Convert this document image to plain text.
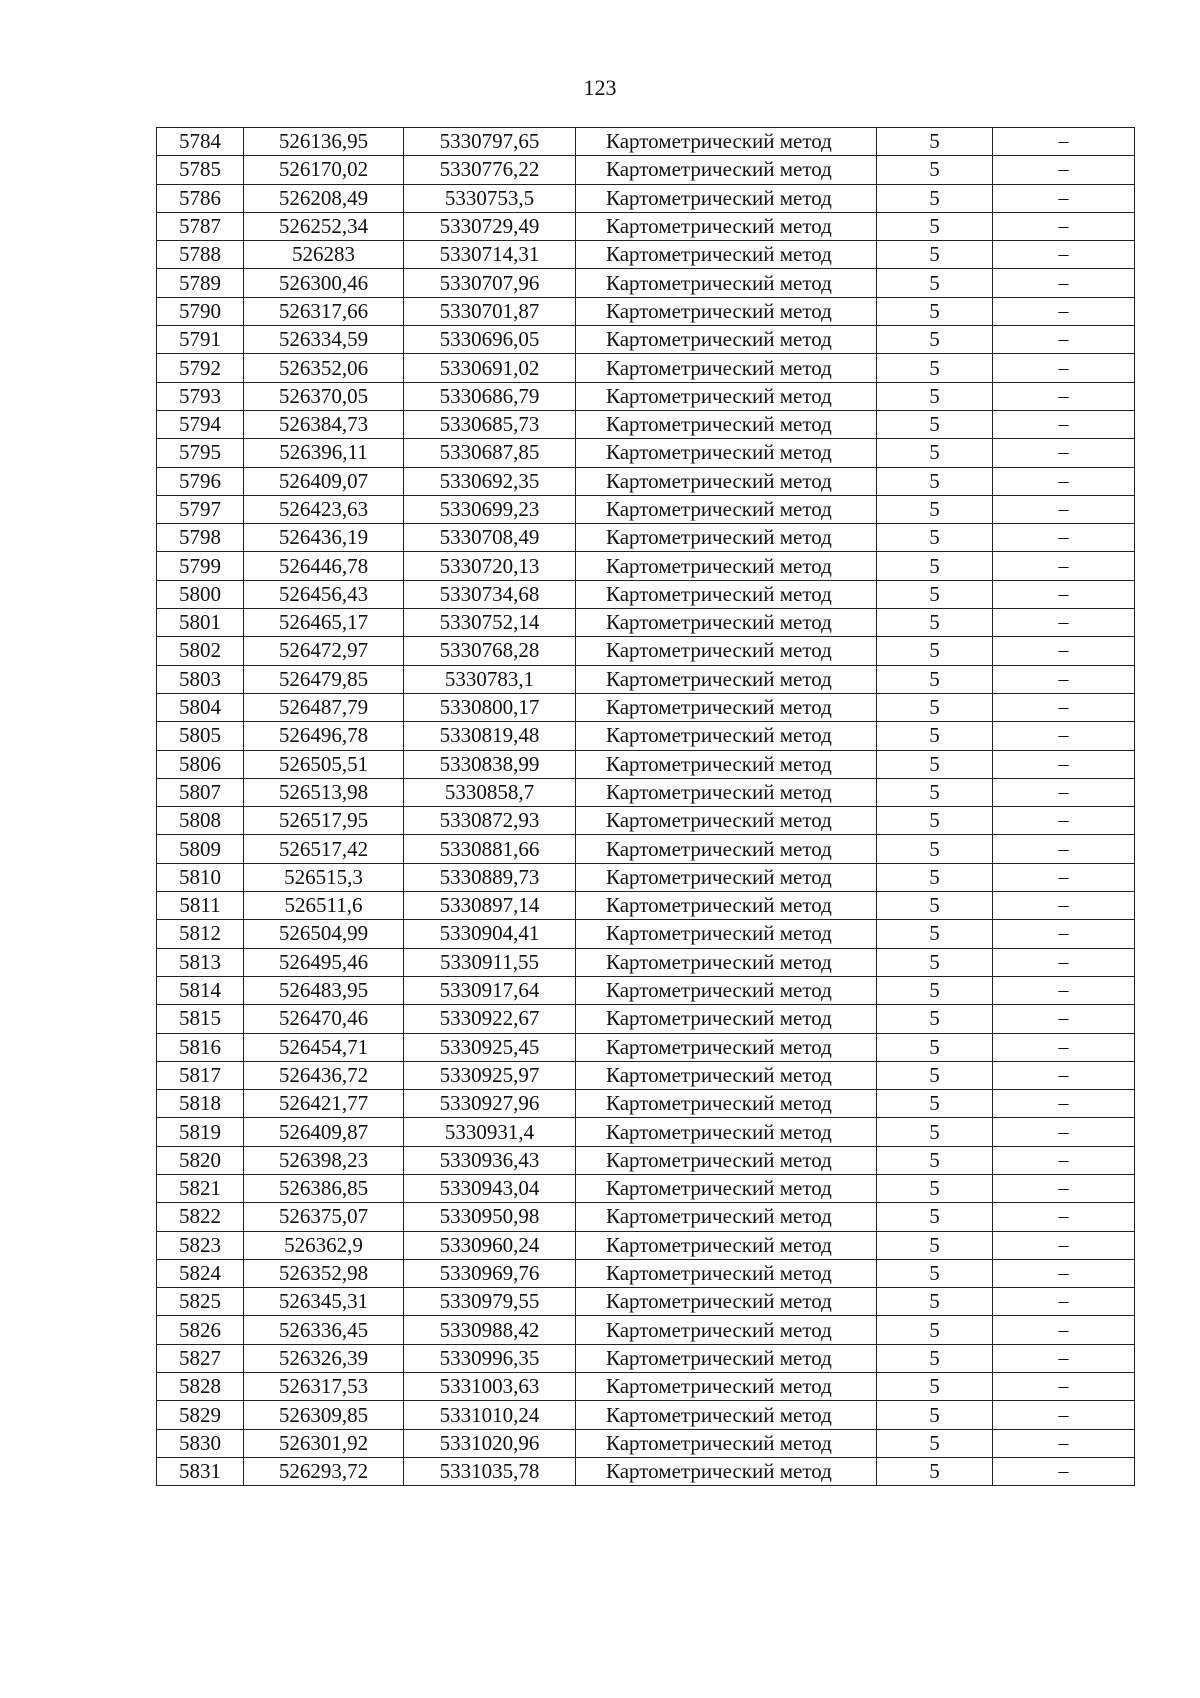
123
5784	526136,95	5330797,65	Картометрический метод	5	–
5785	526170,02	5330776,22	Картометрический метод	5	–
5786	526208,49	5330753,5	Картометрический метод	5	–
5787	526252,34	5330729,49	Картометрический метод	5	–
5788	526283	5330714,31	Картометрический метод	5	–
5789	526300,46	5330707,96	Картометрический метод	5	–
5790	526317,66	5330701,87	Картометрический метод	5	–
5791	526334,59	5330696,05	Картометрический метод	5	–
5792	526352,06	5330691,02	Картометрический метод	5	–
5793	526370,05	5330686,79	Картометрический метод	5	–
5794	526384,73	5330685,73	Картометрический метод	5	–
5795	526396,11	5330687,85	Картометрический метод	5	–
5796	526409,07	5330692,35	Картометрический метод	5	–
5797	526423,63	5330699,23	Картометрический метод	5	–
5798	526436,19	5330708,49	Картометрический метод	5	–
5799	526446,78	5330720,13	Картометрический метод	5	–
5800	526456,43	5330734,68	Картометрический метод	5	–
5801	526465,17	5330752,14	Картометрический метод	5	–
5802	526472,97	5330768,28	Картометрический метод	5	–
5803	526479,85	5330783,1	Картометрический метод	5	–
5804	526487,79	5330800,17	Картометрический метод	5	–
5805	526496,78	5330819,48	Картометрический метод	5	–
5806	526505,51	5330838,99	Картометрический метод	5	–
5807	526513,98	5330858,7	Картометрический метод	5	–
5808	526517,95	5330872,93	Картометрический метод	5	–
5809	526517,42	5330881,66	Картометрический метод	5	–
5810	526515,3	5330889,73	Картометрический метод	5	–
5811	526511,6	5330897,14	Картометрический метод	5	–
5812	526504,99	5330904,41	Картометрический метод	5	–
5813	526495,46	5330911,55	Картометрический метод	5	–
5814	526483,95	5330917,64	Картометрический метод	5	–
5815	526470,46	5330922,67	Картометрический метод	5	–
5816	526454,71	5330925,45	Картометрический метод	5	–
5817	526436,72	5330925,97	Картометрический метод	5	–
5818	526421,77	5330927,96	Картометрический метод	5	–
5819	526409,87	5330931,4	Картометрический метод	5	–
5820	526398,23	5330936,43	Картометрический метод	5	–
5821	526386,85	5330943,04	Картометрический метод	5	–
5822	526375,07	5330950,98	Картометрический метод	5	–
5823	526362,9	5330960,24	Картометрический метод	5	–
5824	526352,98	5330969,76	Картометрический метод	5	–
5825	526345,31	5330979,55	Картометрический метод	5	–
5826	526336,45	5330988,42	Картометрический метод	5	–
5827	526326,39	5330996,35	Картометрический метод	5	–
5828	526317,53	5331003,63	Картометрический метод	5	–
5829	526309,85	5331010,24	Картометрический метод	5	–
5830	526301,92	5331020,96	Картометрический метод	5	–
5831	526293,72	5331035,78	Картометрический метод	5	–
